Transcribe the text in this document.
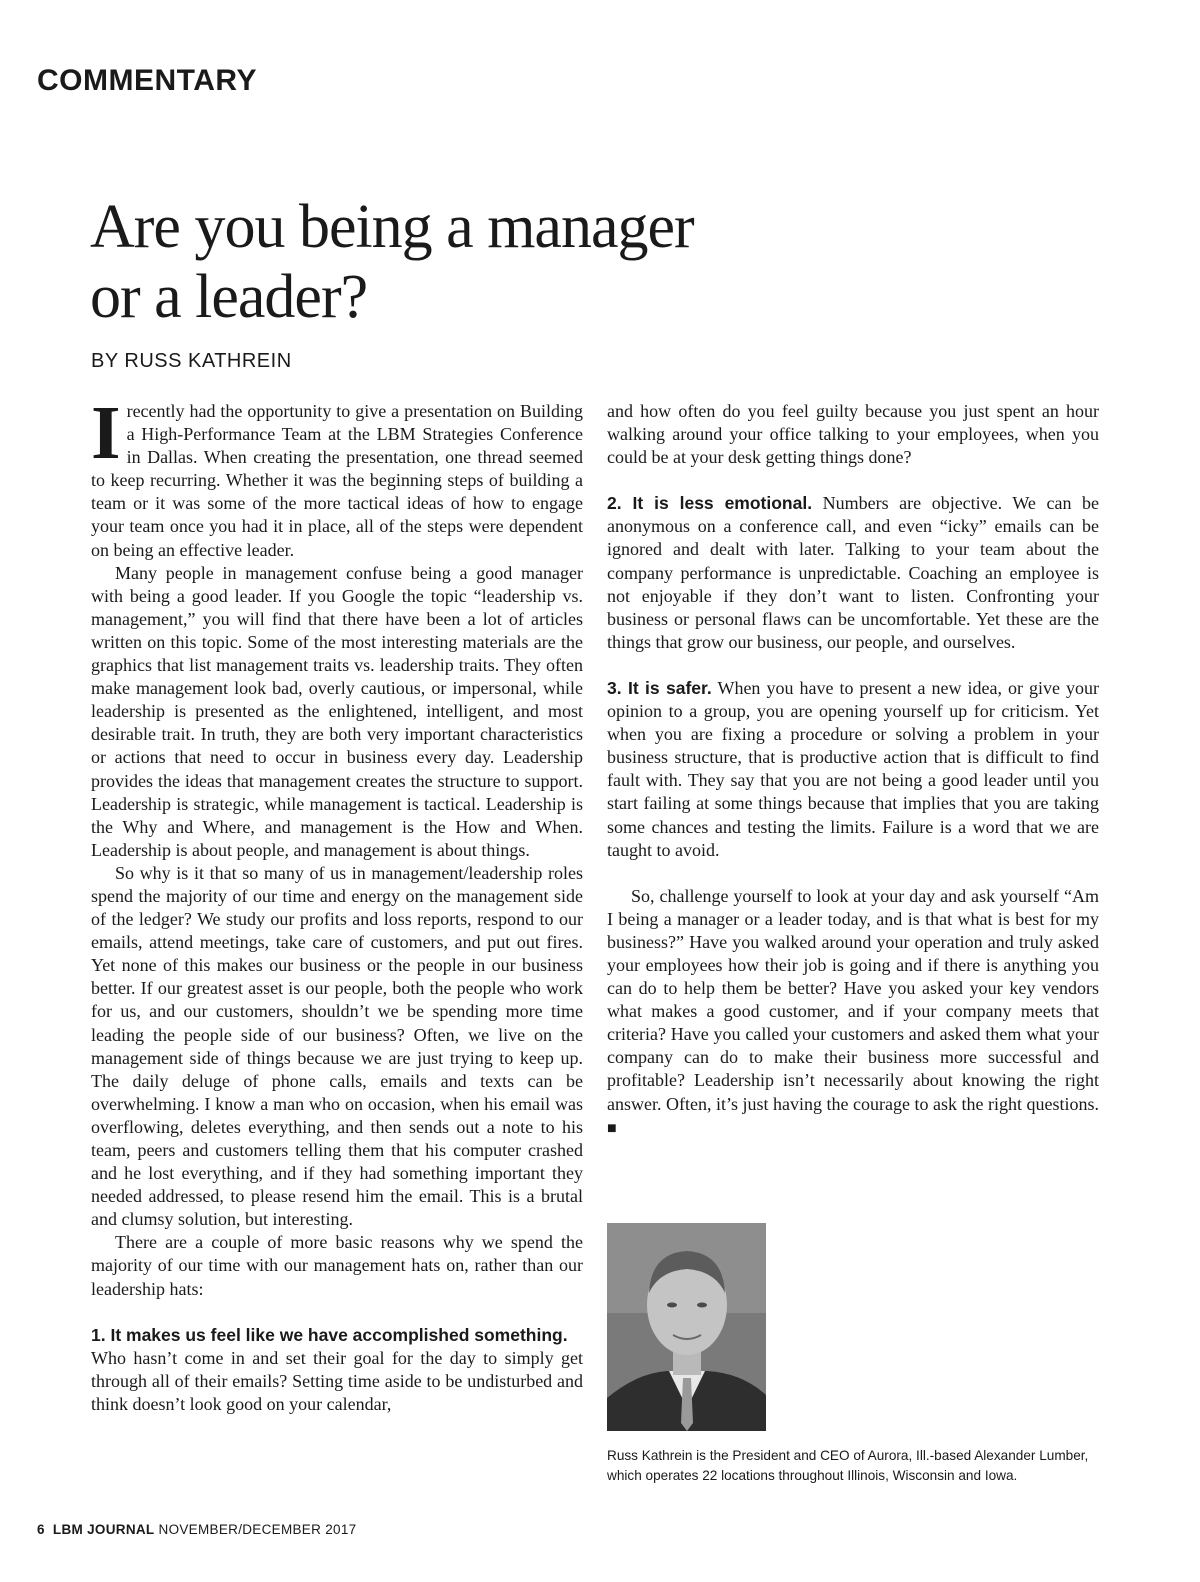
COMMENTARY
Are you being a manager
or a leader?
BY RUSS KATHREIN

Irecently had the opportunity to give a presentation on Building a High-Performance Team at the LBM Strategies Conference in Dallas. When creating the presentation, one thread seemed to keep recurring. Whether it was the beginning steps of building a team or it was some of the more tactical ideas of how to engage your team once you had it in place, all of the steps were dependent on being an effective leader.

Many people in management confuse being a good manager with being a good leader. If you Google the topic “leadership vs. management,” you will find that there have been a lot of articles written on this topic. Some of the most interesting materials are the graphics that list management traits vs. leadership traits. They often make management look bad, overly cautious, or impersonal, while leadership is presented as the enlightened, intelligent, and most desirable trait. In truth, they are both very important characteristics or actions that need to occur in business every day. Leadership provides the ideas that management creates the structure to support. Leadership is strategic, while management is tactical. Leadership is the Why and Where, and management is the How and When. Leadership is about people, and management is about things.

So why is it that so many of us in management/leadership roles spend the majority of our time and energy on the management side of the ledger? We study our profits and loss reports, respond to our emails, attend meetings, take care of customers, and put out fires. Yet none of this makes our business or the people in our business better. If our greatest asset is our people, both the people who work for us, and our customers, shouldn’t we be spending more time leading the people side of our business? Often, we live on the management side of things because we are just trying to keep up. The daily deluge of phone calls, emails and texts can be overwhelming. I know a man who on occasion, when his email was overflowing, deletes everything, and then sends out a note to his team, peers and customers telling them that his computer crashed and he lost everything, and if they had something important they needed addressed, to please resend him the email. This is a brutal and clumsy solution, but interesting.

There are a couple of more basic reasons why we spend the majority of our time with our management hats on, rather than our leadership hats:

1. It makes us feel like we have accomplished something.
Who hasn’t come in and set their goal for the day to simply get through all of their emails? Setting time aside to be undisturbed and think doesn’t look good on your calendar,

and how often do you feel guilty because you just spent an hour walking around your office talking to your employees, when you could be at your desk getting things done?

2. It is less emotional. Numbers are objective. We can be anonymous on a conference call, and even “icky” emails can be ignored and dealt with later. Talking to your team about the company performance is unpredictable. Coaching an employee is not enjoyable if they don’t want to listen. Confronting your business or personal flaws can be uncomfortable. Yet these are the things that grow our business, our people, and ourselves.

3. It is safer. When you have to present a new idea, or give your opinion to a group, you are opening yourself up for criticism. Yet when you are fixing a procedure or solving a problem in your business structure, that is productive action that is difficult to find fault with. They say that you are not being a good leader until you start failing at some things because that implies that you are taking some chances and testing the limits. Failure is a word that we are taught to avoid.

So, challenge yourself to look at your day and ask yourself “Am I being a manager or a leader today, and is that what is best for my business?” Have you walked around your operation and truly asked your employees how their job is going and if there is anything you can do to help them be better? Have you asked your key vendors what makes a good customer, and if your company meets that criteria? Have you called your customers and asked them what your company can do to make their business more successful and profitable? Leadership isn’t necessarily about knowing the right answer. Often, it’s just having the courage to ask the right questions. ■

Russ Kathrein is the President and CEO of Aurora, Ill.-based Alexander Lumber, which operates 22 locations throughout Illinois, Wisconsin and Iowa.
6 LBM JOURNAL NOVEMBER/DECEMBER 2017
